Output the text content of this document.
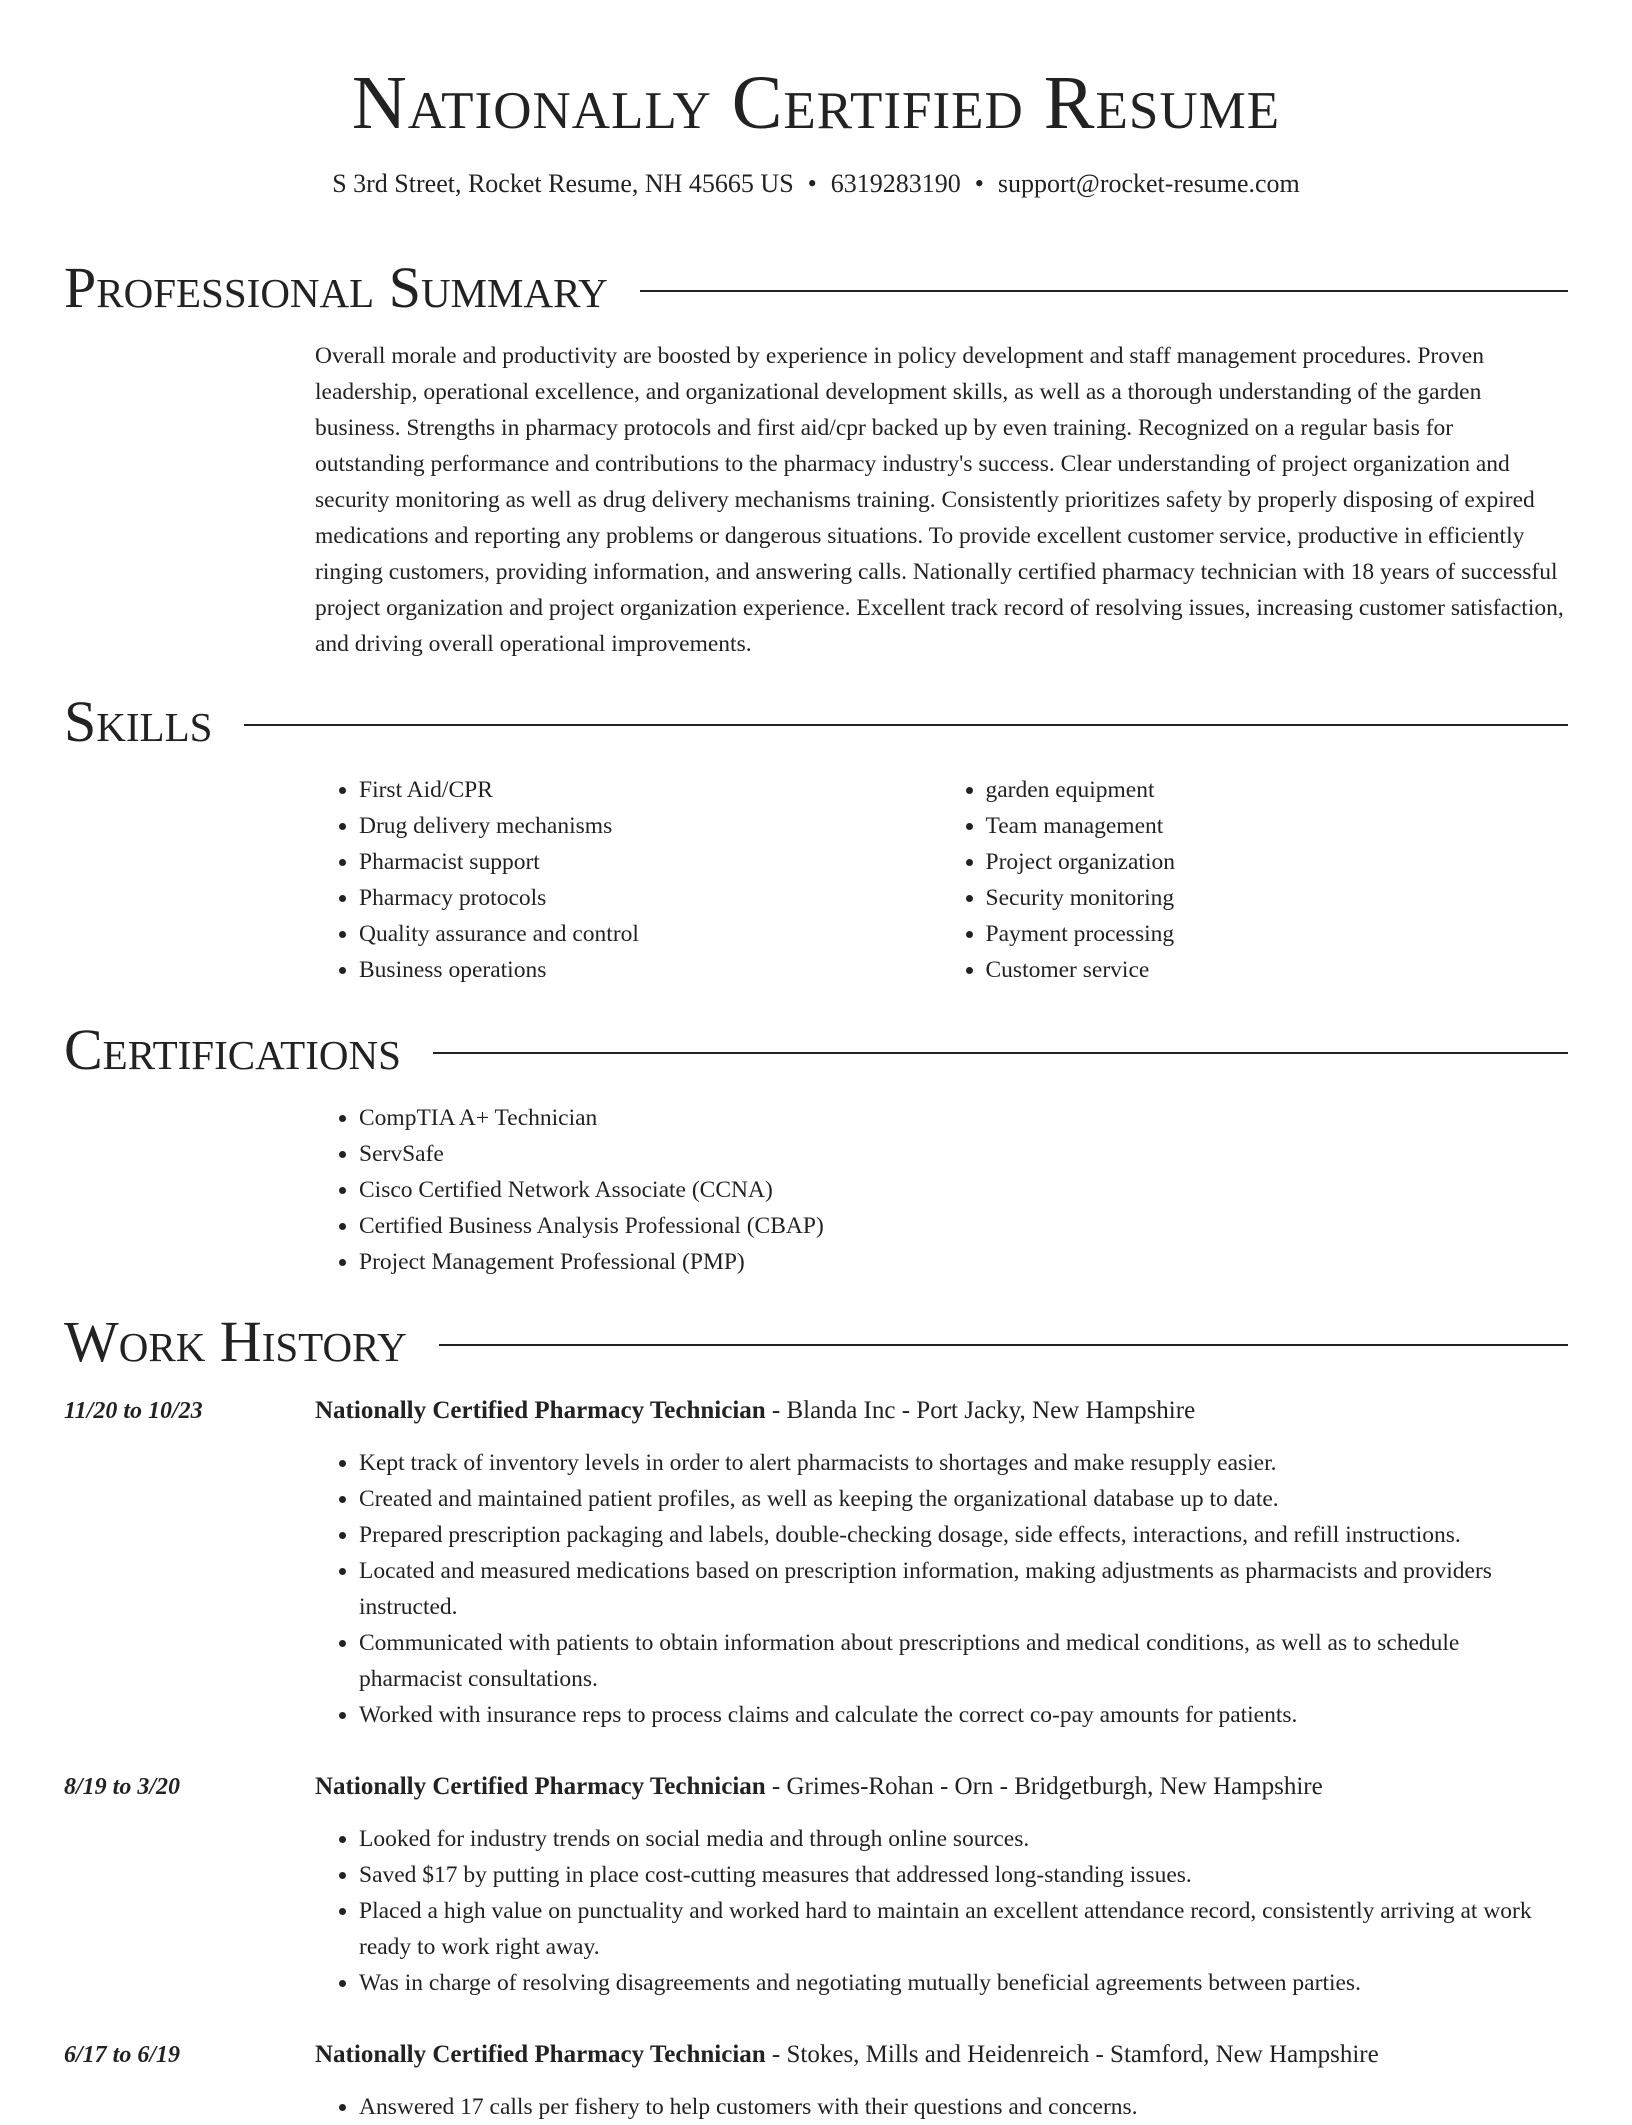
Nationally Certified Resume
S 3rd Street, Rocket Resume, NH 45665 US • 6319283190 • support@rocket-resume.com
Professional Summary
Overall morale and productivity are boosted by experience in policy development and staff management procedures. Proven leadership, operational excellence, and organizational development skills, as well as a thorough understanding of the garden business. Strengths in pharmacy protocols and first aid/cpr backed up by even training. Recognized on a regular basis for outstanding performance and contributions to the pharmacy industry's success. Clear understanding of project organization and security monitoring as well as drug delivery mechanisms training. Consistently prioritizes safety by properly disposing of expired medications and reporting any problems or dangerous situations. To provide excellent customer service, productive in efficiently ringing customers, providing information, and answering calls. Nationally certified pharmacy technician with 18 years of successful project organization and project organization experience. Excellent track record of resolving issues, increasing customer satisfaction, and driving overall operational improvements.
Skills
• First Aid/CPR
• Drug delivery mechanisms
• Pharmacist support
• Pharmacy protocols
• Quality assurance and control
• Business operations
• garden equipment
• Team management
• Project organization
• Security monitoring
• Payment processing
• Customer service
Certifications
• CompTIA A+ Technician
• ServSafe
• Cisco Certified Network Associate (CCNA)
• Certified Business Analysis Professional (CBAP)
• Project Management Professional (PMP)
Work History
11/20 to 10/23	Nationally Certified Pharmacy Technician - Blanda Inc - Port Jacky, New Hampshire
• Kept track of inventory levels in order to alert pharmacists to shortages and make resupply easier.
• Created and maintained patient profiles, as well as keeping the organizational database up to date.
• Prepared prescription packaging and labels, double-checking dosage, side effects, interactions, and refill instructions.
• Located and measured medications based on prescription information, making adjustments as pharmacists and providers instructed.
• Communicated with patients to obtain information about prescriptions and medical conditions, as well as to schedule pharmacist consultations.
• Worked with insurance reps to process claims and calculate the correct co-pay amounts for patients.
8/19 to 3/20	Nationally Certified Pharmacy Technician - Grimes-Rohan - Orn - Bridgetburgh, New Hampshire
• Looked for industry trends on social media and through online sources.
• Saved $17 by putting in place cost-cutting measures that addressed long-standing issues.
• Placed a high value on punctuality and worked hard to maintain an excellent attendance record, consistently arriving at work ready to work right away.
• Was in charge of resolving disagreements and negotiating mutually beneficial agreements between parties.
6/17 to 6/19	Nationally Certified Pharmacy Technician - Stokes, Mills and Heidenreich - Stamford, New Hampshire
• Answered 17 calls per fishery to help customers with their questions and concerns.
